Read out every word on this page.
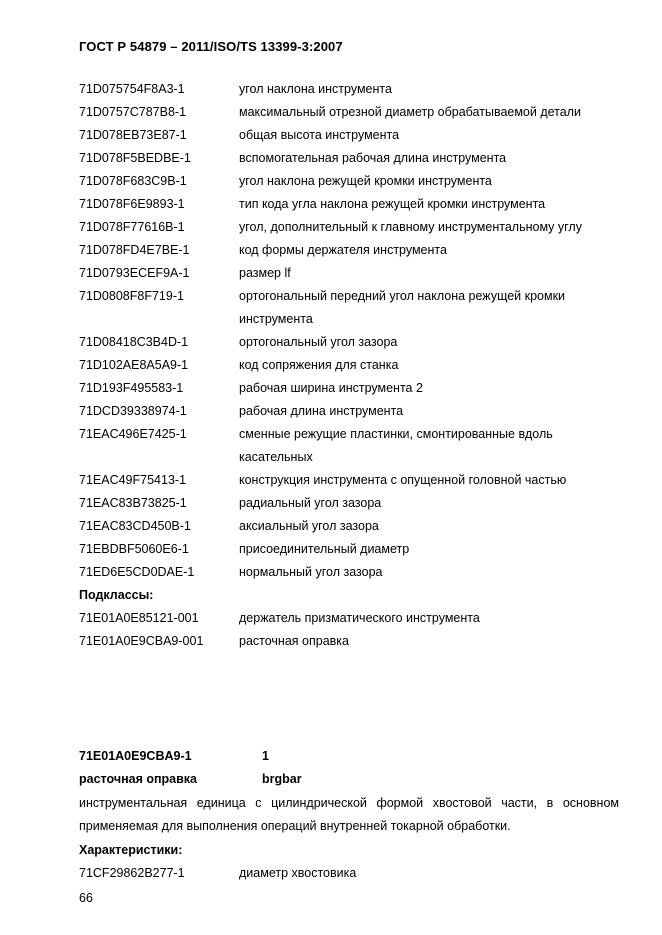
ГОСТ Р 54879 – 2011/ISO/TS 13399-3:2007
71D075754F8A3-1	угол наклона инструмента
71D0757C787B8-1	максимальный отрезной диаметр обрабатываемой детали
71D078EB73E87-1	общая высота инструмента
71D078F5BEDBE-1	вспомогательная рабочая длина инструмента
71D078F683C9B-1	угол наклона режущей кромки инструмента
71D078F6E9893-1	тип кода угла наклона режущей кромки инструмента
71D078F77616B-1	угол, дополнительный к главному инструментальному углу
71D078FD4E7BE-1	код формы держателя инструмента
71D0793ECEF9A-1	размер lf
71D0808F8F719-1	ортогональный передний угол наклона режущей кромки инструмента
71D08418C3B4D-1	ортогональный угол зазора
71D102AE8A5A9-1	код сопряжения для станка
71D193F495583-1	рабочая ширина инструмента 2
71DCD39338974-1	рабочая длина инструмента
71EAC496E7425-1	сменные режущие пластинки, смонтированные вдоль касательных
71EAC49F75413-1	конструкция инструмента с опущенной головной частью
71EAC83B73825-1	радиальный угол зазора
71EAC83CD450B-1	аксиальный угол зазора
71EBDBF5060E6-1	присоединительный диаметр
71ED6E5CD0DAE-1	нормальный угол зазора
Подклассы:
71E01A0E85121-001	держатель призматического инструмента
71E01A0E9CBA9-001	расточная оправка
71E01A0E9CBA9-1	1
расточная оправка	brgbar
инструментальная единица с цилиндрической формой хвостовой части, в основном применяемая для выполнения операций внутренней токарной обработки.
Характеристики:
71CF29862B277-1	диаметр хвостовика
66
